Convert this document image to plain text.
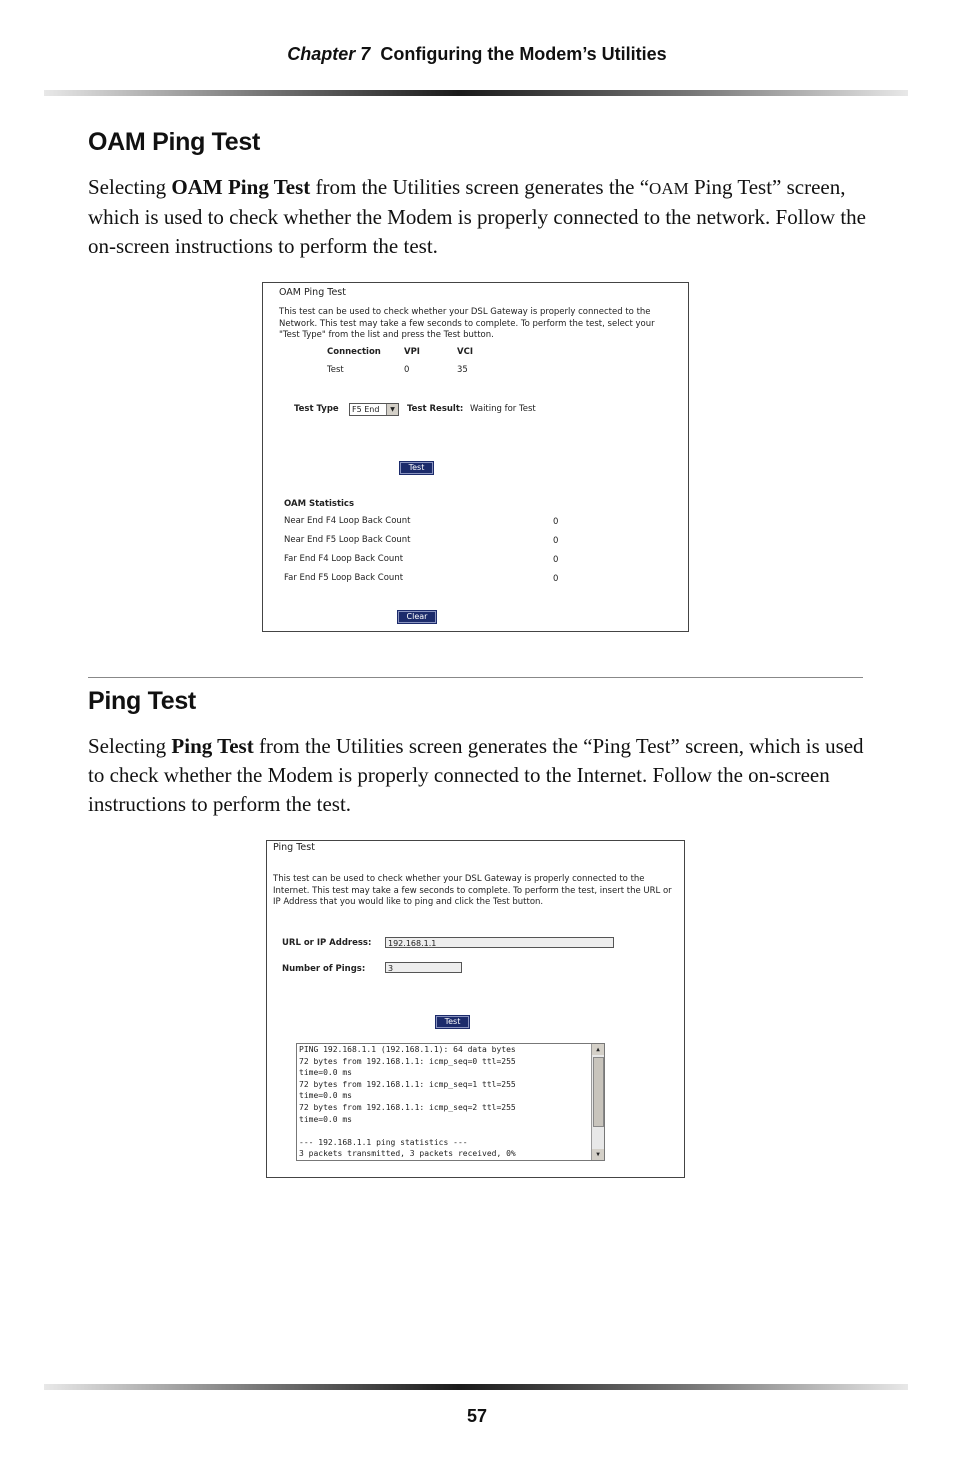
Chapter 7 Configuring the Modem’s Utilities
OAM Ping Test

Selecting OAM Ping Test from the Utilities screen generates the “OAM Ping Test” screen, which is used to check whether the Modem is properly connected to the network. Follow the on-screen instructions to perform the test.

OAM Ping Test
This test can be used to check whether your DSL Gateway is properly connected to the Network. This test may take a few seconds to complete. To perform the test, select your "Test Type" from the list and press the Test button.
Connection	VPI	VCI
Test	0	35
Test Type	F5 End	▼	Test Result: Waiting for Test
Test
OAM Statistics
Near End F4 Loop Back Count	0
Near End F5 Loop Back Count	0
Far End F4 Loop Back Count	0
Far End F5 Loop Back Count	0
Clear
Ping Test

Selecting Ping Test from the Utilities screen generates the “Ping Test” screen, which is used to check whether the Modem is properly connected to the Internet. Follow the on-screen instructions to perform the test.

Ping Test
This test can be used to check whether your DSL Gateway is properly connected to the Internet. This test may take a few seconds to complete. To perform the test, insert the URL or IP Address that you would like to ping and click the Test button.
URL or IP Address:	192.168.1.1
Number of Pings:	3
Test
PING 192.168.1.1 (192.168.1.1): 64 data bytes
72 bytes from 192.168.1.1: icmp_seq=0 ttl=255
time=0.0 ms
72 bytes from 192.168.1.1: icmp_seq=1 ttl=255
time=0.0 ms
72 bytes from 192.168.1.1: icmp_seq=2 ttl=255
time=0.0 ms
--- 192.168.1.1 ping statistics ---
3 packets transmitted, 3 packets received, 0%
▲
▼
57
